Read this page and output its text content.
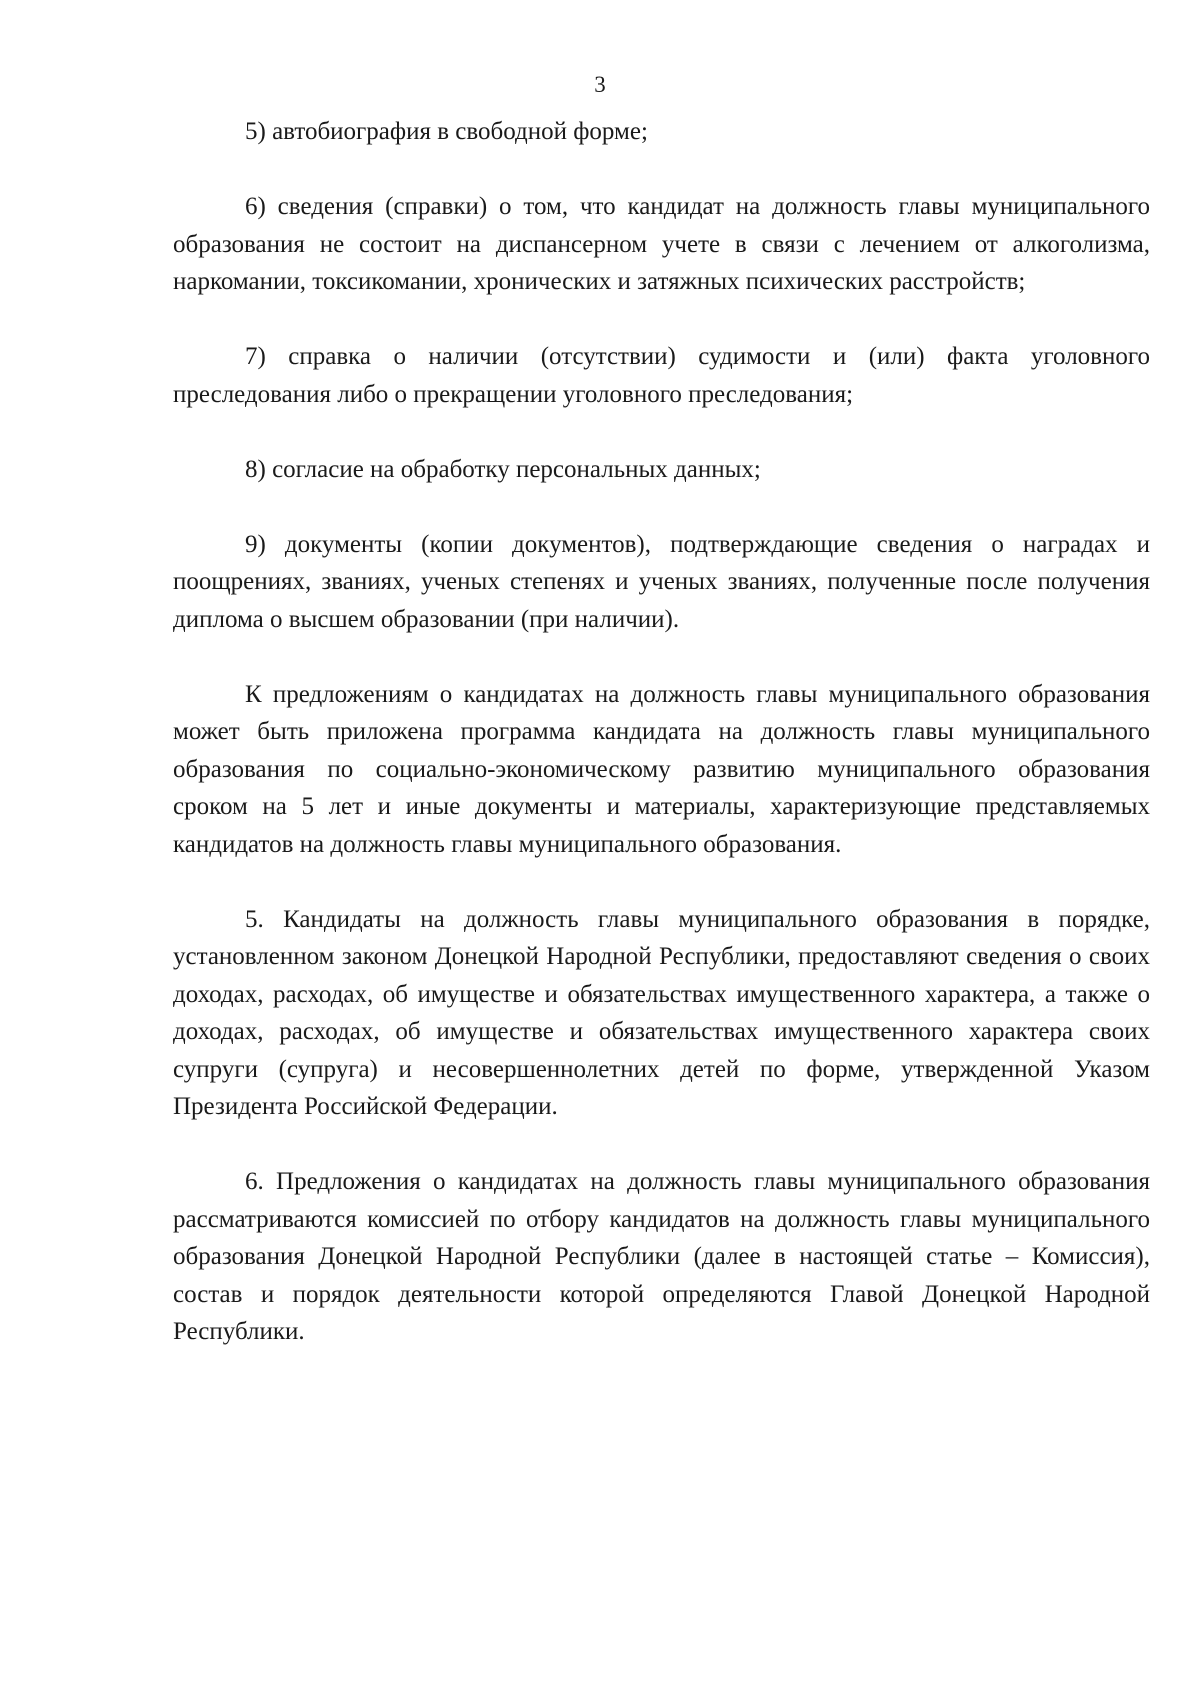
3

5) автобиография в свободной форме;

6) сведения (справки) о том, что кандидат на должность главы муниципального образования не состоит на диспансерном учете в связи с лечением от алкоголизма, наркомании, токсикомании, хронических и затяжных психических расстройств;

7) справка о наличии (отсутствии) судимости и (или) факта уголовного преследования либо о прекращении уголовного преследования;

8) согласие на обработку персональных данных;

9) документы (копии документов), подтверждающие сведения о наградах и поощрениях, званиях, ученых степенях и ученых званиях, полученные после получения диплома о высшем образовании (при наличии).

К предложениям о кандидатах на должность главы муниципального образования может быть приложена программа кандидата на должность главы муниципального образования по социально-экономическому развитию муниципального образования сроком на 5 лет и иные документы и материалы, характеризующие представляемых кандидатов на должность главы муниципального образования.

5. Кандидаты на должность главы муниципального образования в порядке, установленном законом Донецкой Народной Республики, предоставляют сведения о своих доходах, расходах, об имуществе и обязательствах имущественного характера, а также о доходах, расходах, об имуществе и обязательствах имущественного характера своих супруги (супруга) и несовершеннолетних детей по форме, утвержденной Указом Президента Российской Федерации.

6. Предложения о кандидатах на должность главы муниципального образования рассматриваются комиссией по отбору кандидатов на должность главы муниципального образования Донецкой Народной Республики (далее в настоящей статье – Комиссия), состав и порядок деятельности которой определяются Главой Донецкой Народной Республики.
